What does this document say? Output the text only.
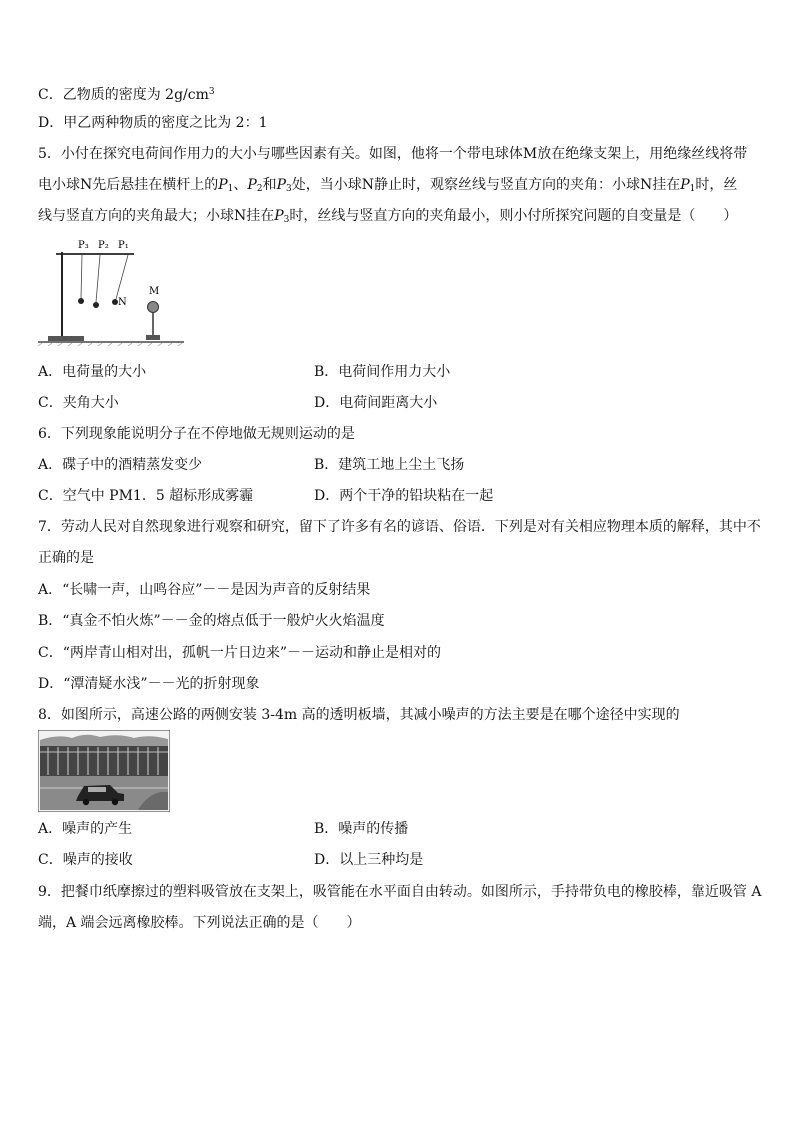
C．乙物质的密度为 $2g/cm^3$
D．甲乙两种物质的密度之比为 2：1
5．小付在探究电荷间作用力的大小与哪些因素有关。如图，他将一个带电球体M放在绝缘支架上，用绝缘丝线将带
电小球N先后悬挂在横杆上的$P_1$、$P_2$和$P_3$处，当小球N静止时，观察丝线与竖直方向的夹角：小球N挂在$P_1$时，丝
线与竖直方向的夹角最大；小球N挂在$P_3$时，丝线与竖直方向的夹角最小，则小付所探究问题的自变量是（　　）
P₃ P₂ P₁
N
M
A．电荷量的大小	B．电荷间作用力大小
C．夹角大小	D．电荷间距离大小
6．下列现象能说明分子在不停地做无规则运动的是
A．碟子中的酒精蒸发变少	B．建筑工地上尘土飞扬
C．空气中 PM1．5 超标形成雾霾	D．两个干净的铅块粘在一起
7．劳动人民对自然现象进行观察和研究，留下了许多有名的谚语、俗语．下列是对有关相应物理本质的解释，其中不
正确的是
A．“长啸一声，山鸣谷应”－－是因为声音的反射结果
B．“真金不怕火炼”－－金的熔点低于一般炉火火焰温度
C．“两岸青山相对出，孤帆一片日边来”－－运动和静止是相对的
D．“潭清疑水浅”－－光的折射现象
8．如图所示，高速公路的两侧安装 3-4m 高的透明板墙，其减小噪声的方法主要是在哪个途径中实现的
A．噪声的产生	B．噪声的传播
C．噪声的接收	D．以上三种均是
9．把餐巾纸摩擦过的塑料吸管放在支架上，吸管能在水平面自由转动。如图所示，手持带负电的橡胶棒，靠近吸管 A
端，A 端会远离橡胶棒。下列说法正确的是（　　）
